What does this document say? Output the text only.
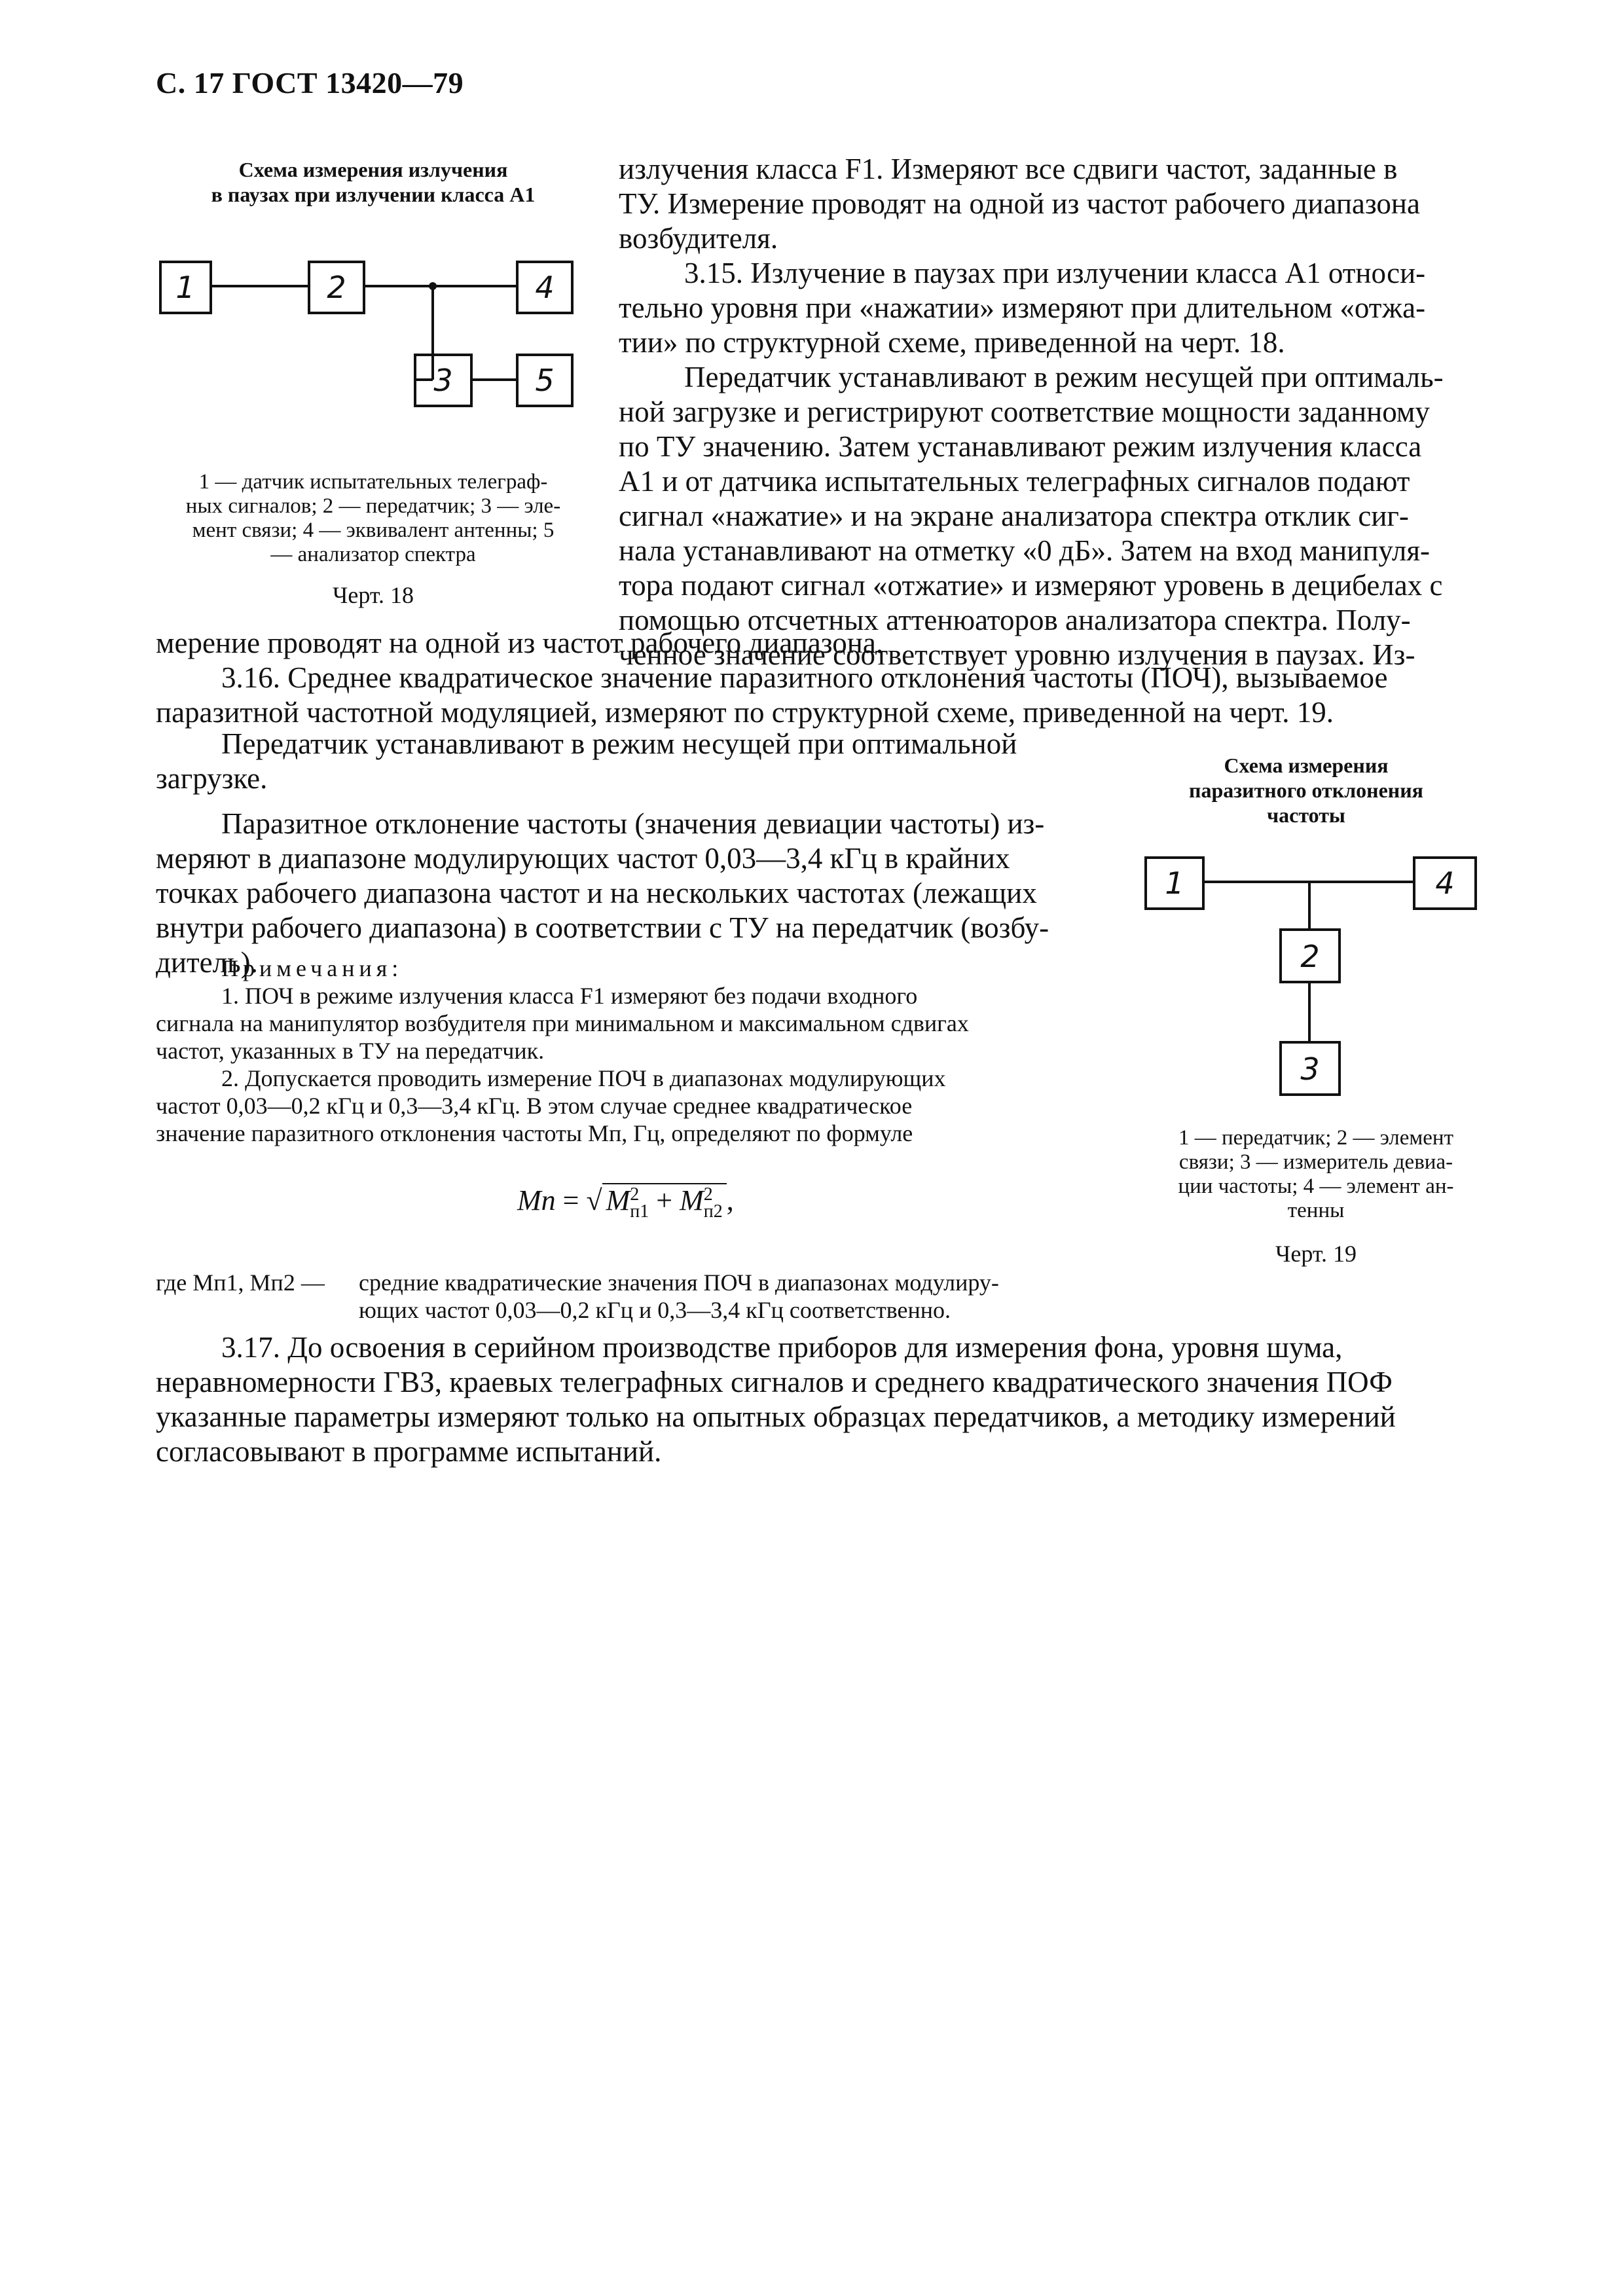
С. 17 ГОСТ 13420—79
Схема измерения излучения
в паузах при излучении класса А1
1	2	4
3	5
1 — датчик испытательных телеграф-
ных сигналов; 2 — передатчик; 3 — эле-
мент связи; 4 — эквивалент антенны; 5
— анализатор спектра
Черт. 18

излучения класса F1. Измеряют все сдвиги частот, заданные в
ТУ. Измерение проводят на одной из частот рабочего диапазона
возбудителя.

3.15. Излучение в паузах при излучении класса А1 относи-
тельно уровня при «нажатии» измеряют при длительном «отжа-
тии» по структурной схеме, приведенной на черт. 18.

Передатчик устанавливают в режим несущей при оптималь-
ной загрузке и регистрируют соответствие мощности заданному
по ТУ значению. Затем устанавливают режим излучения класса
А1 и от датчика испытательных телеграфных сигналов подают
сигнал «нажатие» и на экране анализатора спектра отклик сиг-
нала устанавливают на отметку «0 дБ». Затем на вход манипуля-
тора подают сигнал «отжатие» и измеряют уровень в децибелах с
помощью отсчетных аттенюаторов анализатора спектра. Полу-
ченное значение соответствует уровню излучения в паузах. Из-

мерение проводят на одной из частот рабочего диапазона.

3.16. Среднее квадратическое значение паразитного отклонения частоты (ПОЧ), вызываемое
паразитной частотной модуляцией, измеряют по структурной схеме, приведенной на черт. 19.

Передатчик устанавливают в режим несущей при оптимальной
загрузке.

Паразитное отклонение частоты (значения девиации частоты) из-
меряют в диапазоне модулирующих частот 0,03—3,4 кГц в крайних
точках рабочего диапазона частот и на нескольких частотах (лежащих
внутри рабочего диапазона) в соответствии с ТУ на передатчик (возбу-
дитель).

Примечания:

1. ПОЧ в режиме излучения класса F1 измеряют без подачи входного
сигнала на манипулятор возбудителя при минимальном и максимальном сдвигах
частот, указанных в ТУ на передатчик.

2. Допускается проводить измерение ПОЧ в диапазонах модулирующих
частот 0,03—0,2 кГц и 0,3—3,4 кГц. В этом случае среднее квадратическое
значение паразитного отклонения частоты Mп, Гц, определяют по формуле

Mп = √ M 2
п1 + M 2
п2 ,
где Mп1, Mп2 —	средние квадратические значения ПОЧ в диапазонах модулиру-
ющих частот 0,03—0,2 кГц и 0,3—3,4 кГц соответственно.

3.17. До освоения в серийном производстве приборов для измерения фона, уровня шума,
неравномерности ГВЗ, краевых телеграфных сигналов и среднего квадратического значения ПОФ
указанные параметры измеряют только на опытных образцах передатчиков, а методику измерений
согласовывают в программе испытаний.

Схема измерения
паразитного отклонения
частоты
1	4
2
3
1 — передатчик; 2 — элемент
связи; 3 — измеритель девиа-
ции частоты; 4 — элемент ан-
тенны
Черт. 19
